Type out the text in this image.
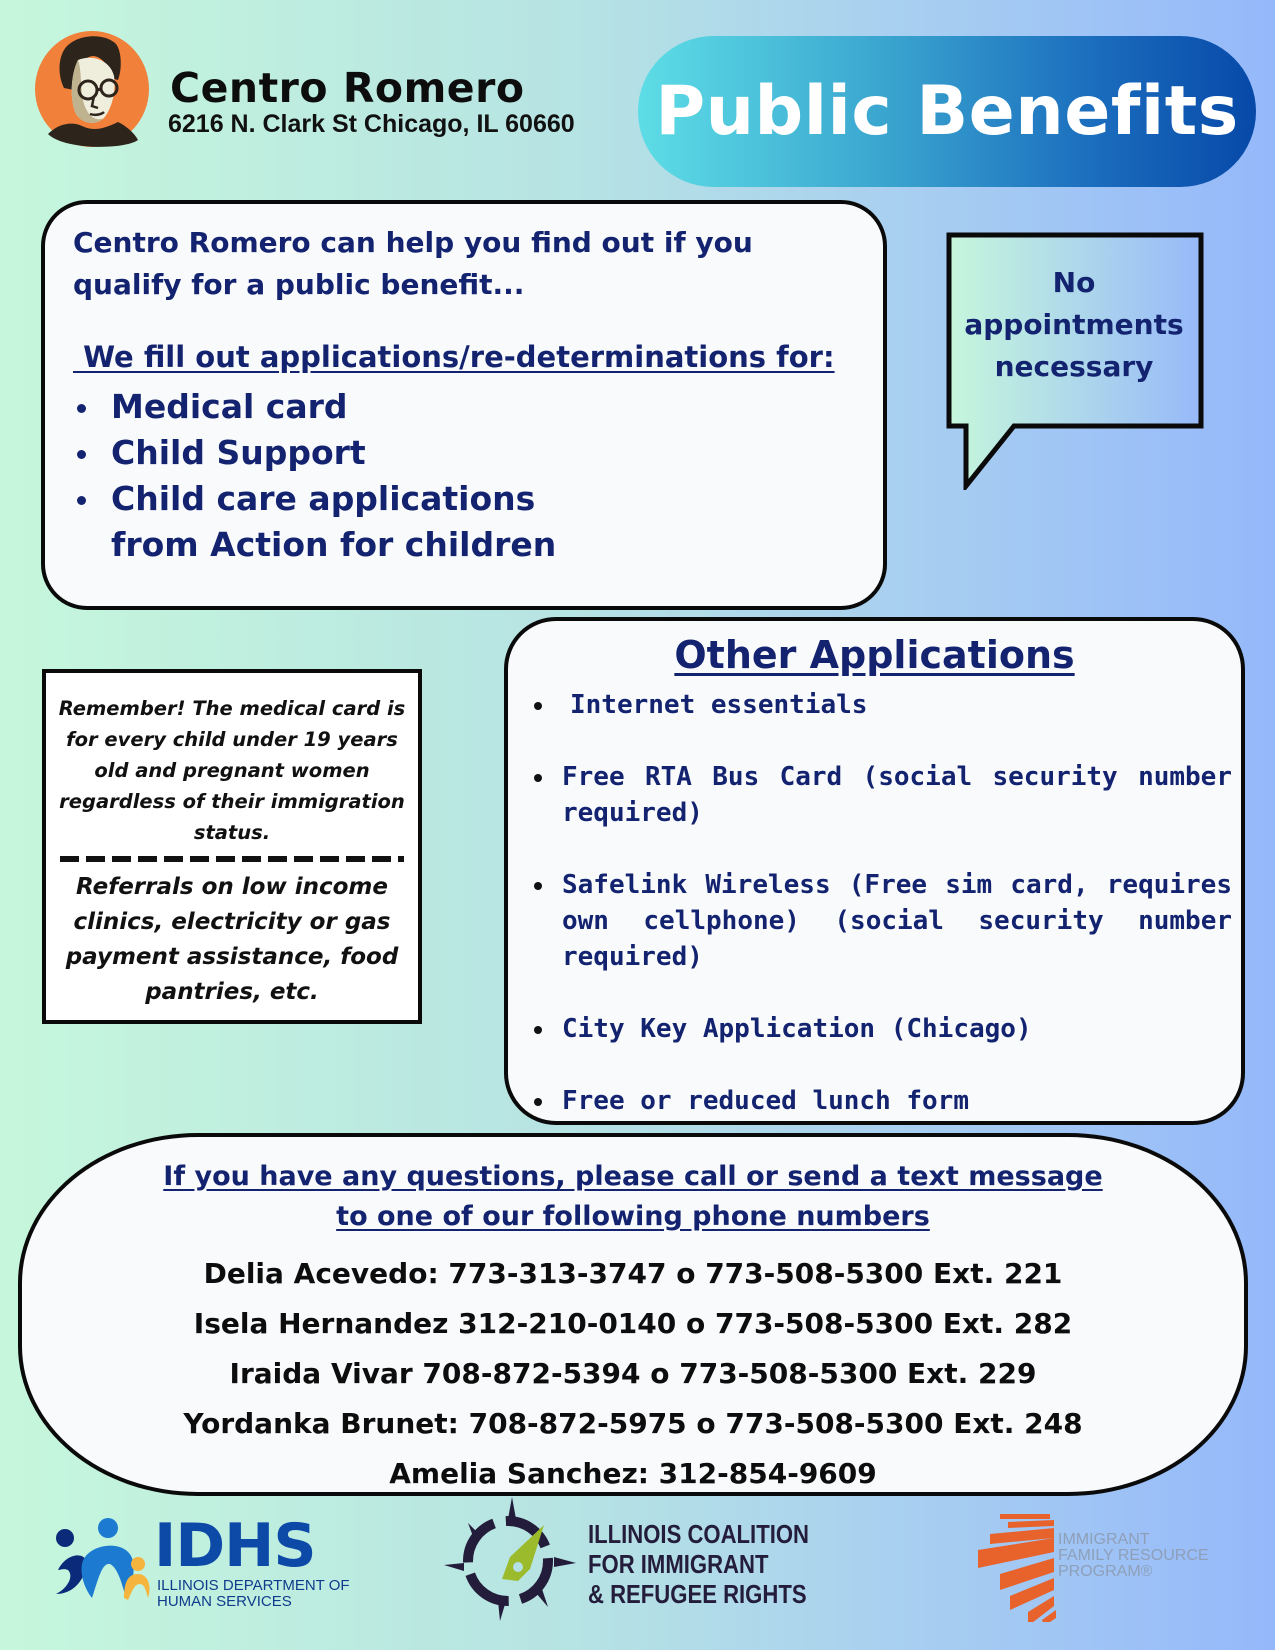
Centro Romero
6216 N. Clark St Chicago, IL 60660 Public Benefits
Centro Romero can help you find out if you qualify for a public benefit...
We fill out applications/re-determinations for:
Medical card
Child Support
Child care applications from Action for children
No
appointments
necessary
Remember! The medical card is for every child under 19 years old and pregnant women regardless of their immigration status.
Referrals on low income clinics, electricity or gas payment assistance, food pantries, etc.
Other Applications
Internet essentials
Free RTA Bus Card (social security number required)
Safelink Wireless (Free sim card, requires own cellphone) (social security number required)
City Key Application (Chicago)
Free or reduced lunch form
If you have any questions, please call or send a text message
to one of our following phone numbers
Delia Acevedo: 773-313-3747 o 773-508-5300 Ext. 221
Isela Hernandez 312-210-0140 o 773-508-5300 Ext. 282
Iraida Vivar 708-872-5394 o 773-508-5300 Ext. 229
Yordanka Brunet: 708-872-5975 o 773-508-5300 Ext. 248
Amelia Sanchez: 312-854-9609
IDHS
ILLINOIS DEPARTMENT OF HUMAN SERVICES
ILLINOIS COALITION
FOR IMMIGRANT
& REFUGEE RIGHTS
IMMIGRANT
FAMILY RESOURCE
PROGRAM®
